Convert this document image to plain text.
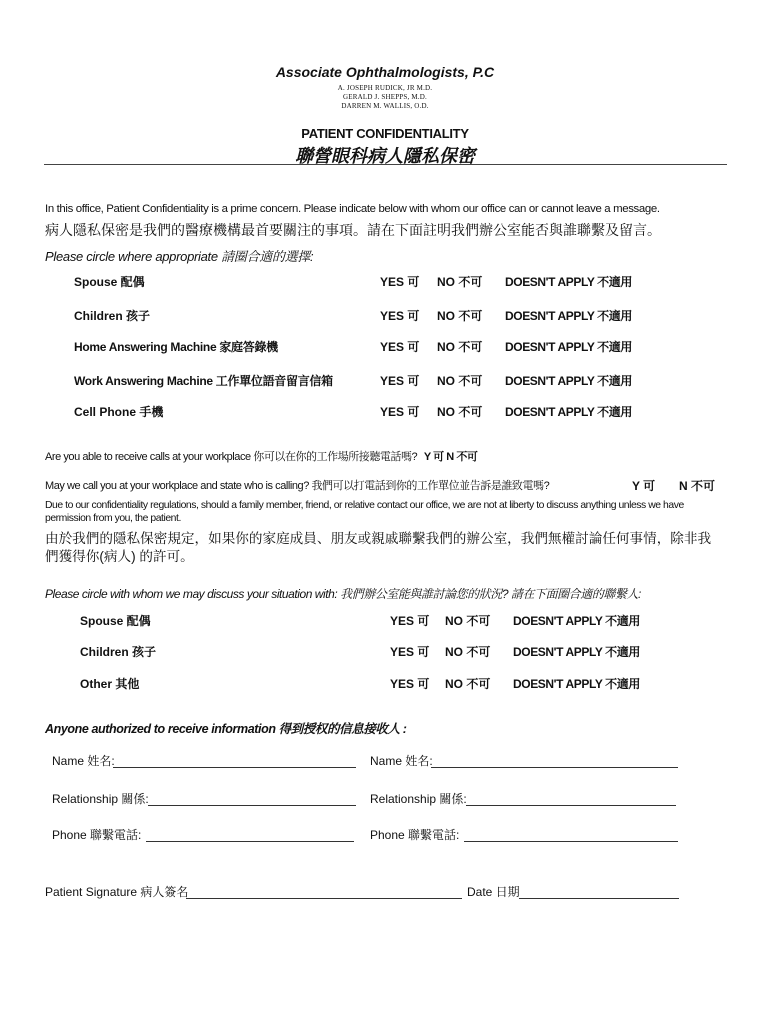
Associate Ophthalmologists, P.C
A. JOSEPH RUDICK, JR M.D.
GERALD J. SHEPPS, M.D.
DARREN M. WALLIS, O.D.
PATIENT CONFIDENTIALITY
聯營眼科病人隱私保密
In this office, Patient Confidentiality is a prime concern. Please indicate below with whom our office can or cannot leave a message.
病人隱私保密是我們的醫療機構最首要關注的事項。請在下面註明我們辦公室能否與誰聯繫及留言。
Please circle where appropriate 請圈合適的選擇:
Spouse 配偶	YES 可 NO 不可 DOESN'T APPLY 不適用
Children 孩子	YES 可 NO 不可 DOESN'T APPLY 不適用
Home Answering Machine 家庭答錄機	YES 可 NO 不可 DOESN'T APPLY 不適用
Work Answering Machine 工作單位語音留言信箱	YES 可 NO 不可 DOESN'T APPLY 不適用
Cell Phone 手機	YES 可 NO 不可 DOESN'T APPLY 不適用
Are you able to receive calls at your workplace 你可以在你的工作場所接聽電話嗎? Y 可 N 不可
May we call you at your workplace and state who is calling? 我們可以打電話到你的工作單位並告訴是誰致電嗎?	Y 可 N 不可
Due to our confidentiality regulations, should a family member, friend, or relative contact our office, we are not at liberty to discuss anything unless we have
permission from you, the patient.
由於我們的隱私保密規定，如果你的家庭成員、朋友或親戚聯繫我們的辦公室，我們無權討論任何事情，除非我
們獲得你(病人) 的許可。
Please circle with whom we may discuss your situation with: 我們辦公室能與誰討論您的狀況? 請在下面圈合適的聯繫人:
Spouse 配偶	YES 可 NO 不可 DOESN'T APPLY 不適用
Children 孩子	YES 可 NO 不可 DOESN'T APPLY 不適用
Other 其他	YES 可 NO 不可 DOESN'T APPLY 不適用
Anyone authorized to receive information 得到授权的信息接收人 :
Name 姓名:	Name 姓名:
Relationship 關係:	Relationship 關係:
Phone 聯繫電話:	Phone 聯繫電話:
Patient Signature 病人簽名	Date 日期
